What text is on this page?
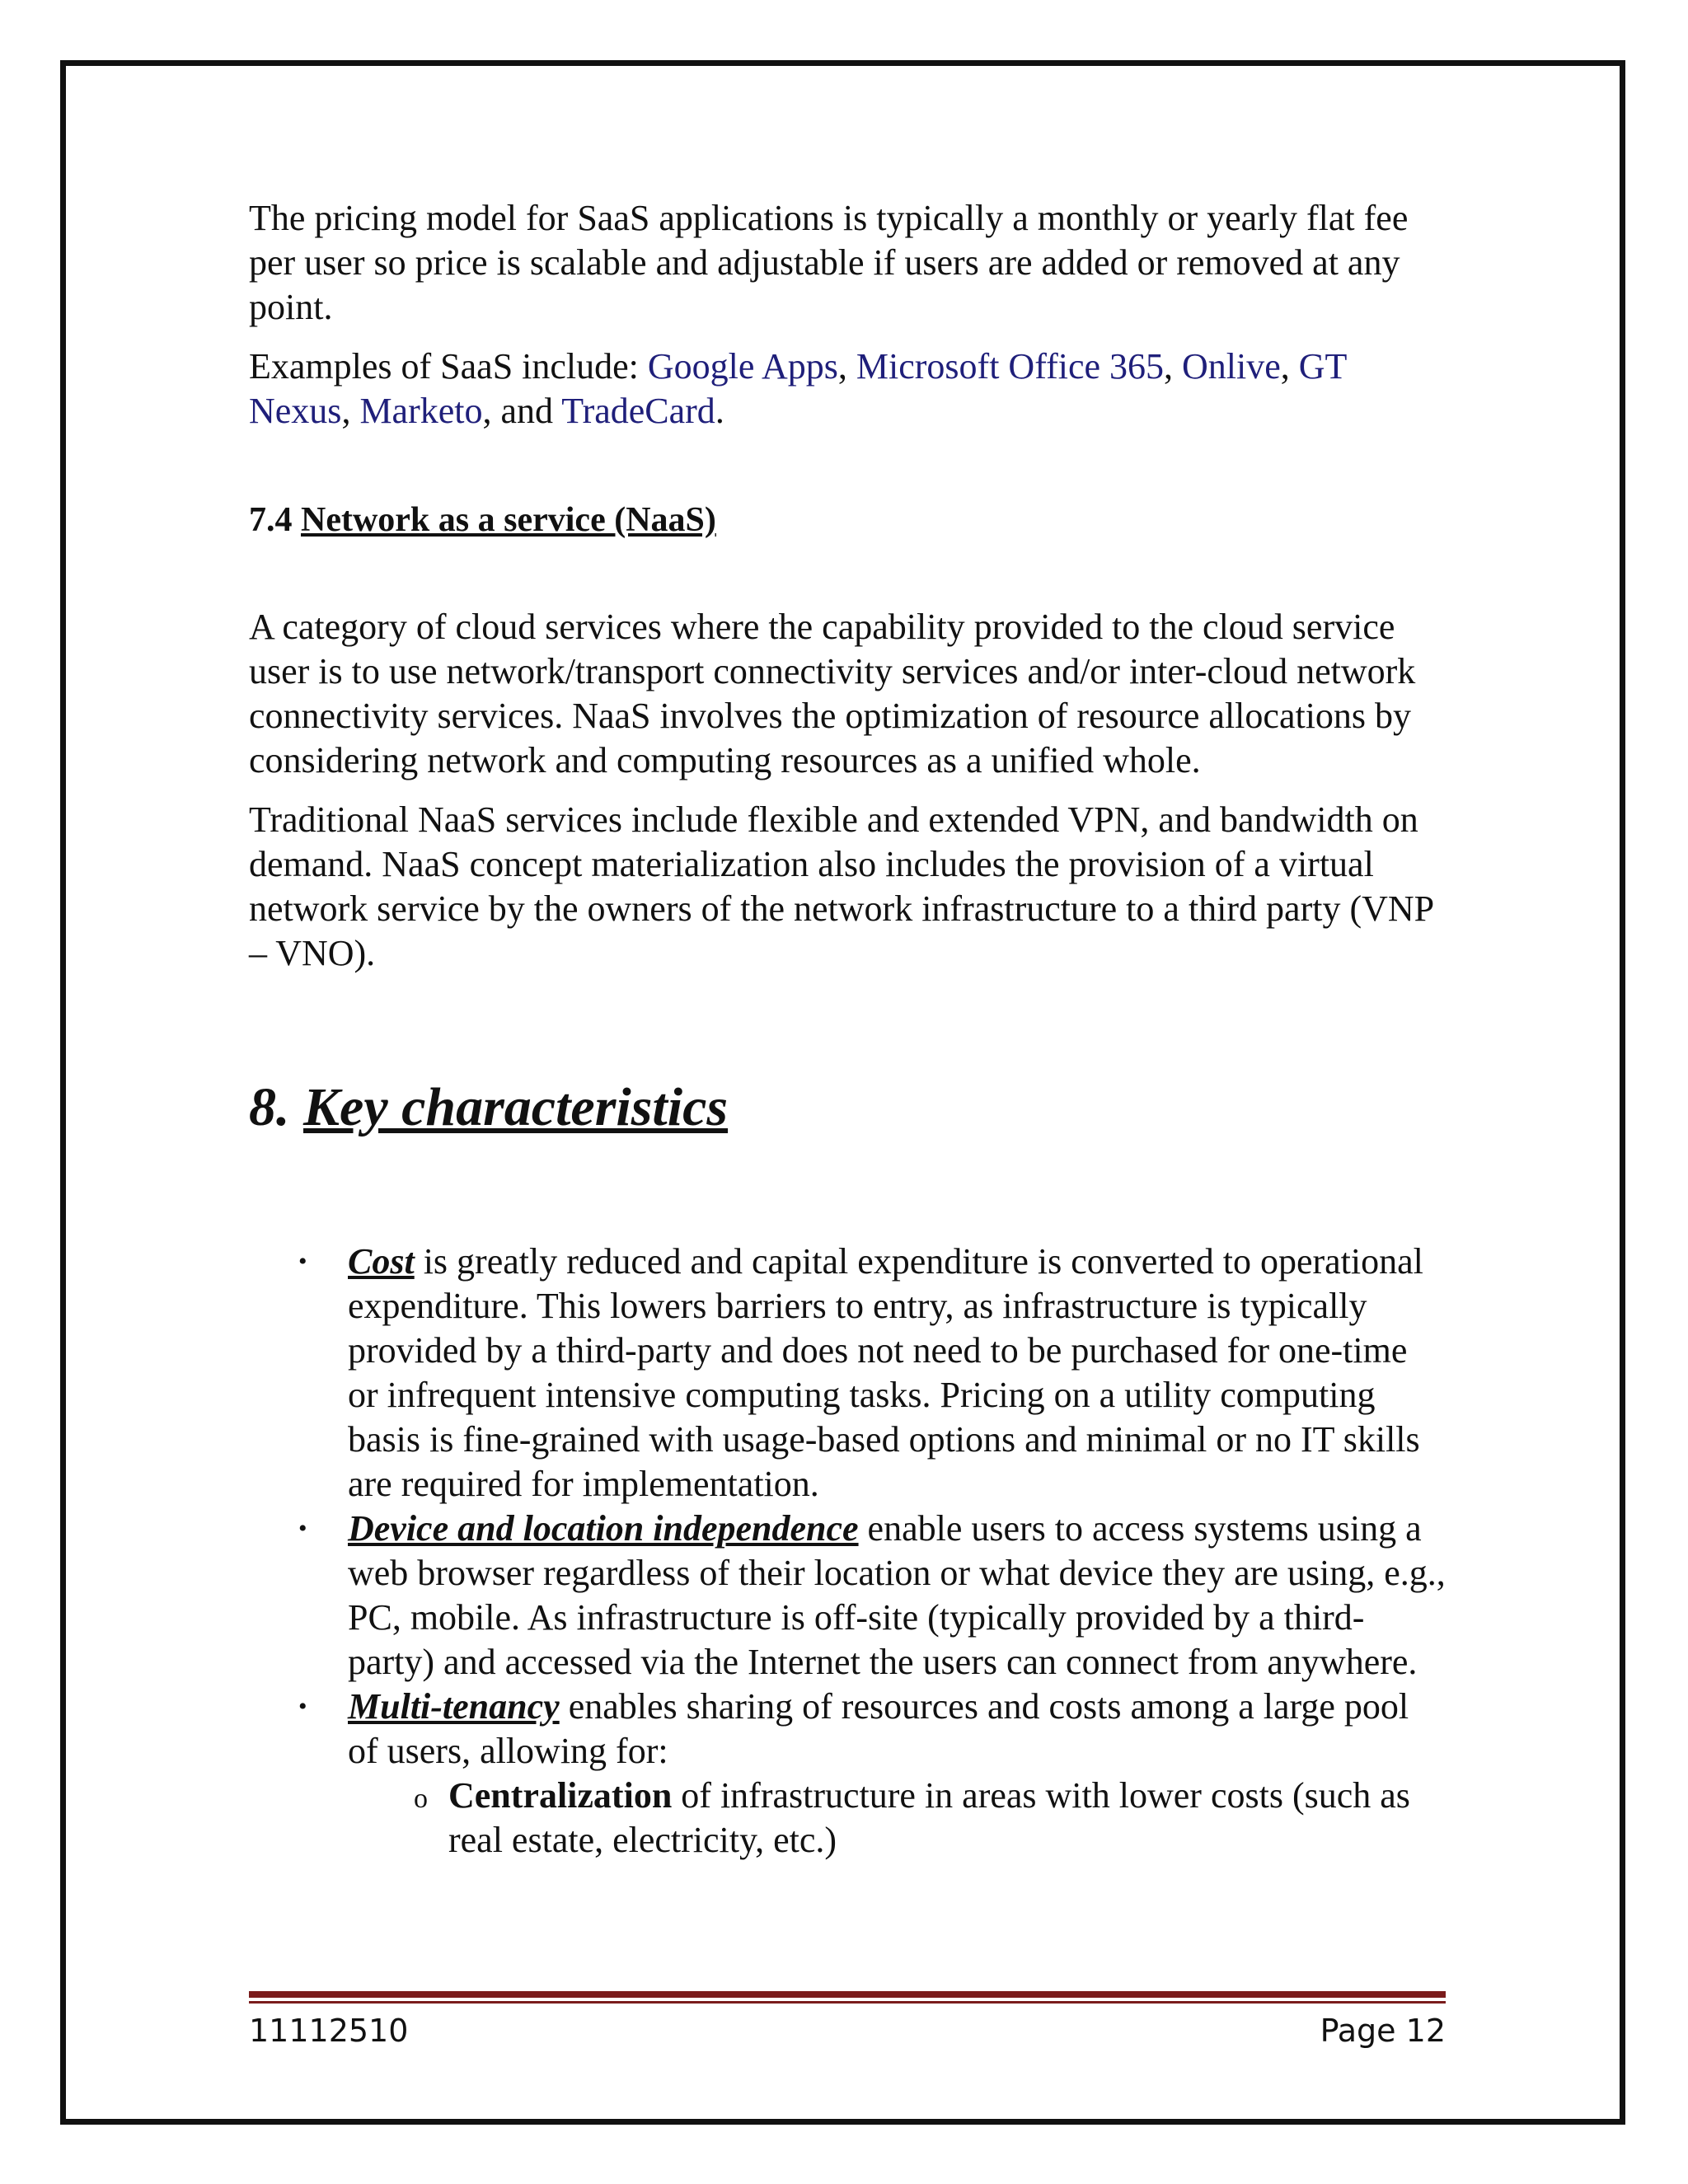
The pricing model for SaaS applications is typically a monthly or yearly flat fee per user so price is scalable and adjustable if users are added or removed at any point.

Examples of SaaS include: Google Apps, Microsoft Office 365, Onlive, GT Nexus, Marketo, and TradeCard.

7.4 Network as a service (NaaS)

A category of cloud services where the capability provided to the cloud service user is to use network/transport connectivity services and/or inter-cloud network connectivity services. NaaS involves the optimization of resource allocations by considering network and computing resources as a unified whole.

Traditional NaaS services include flexible and extended VPN, and bandwidth on demand. NaaS concept materialization also includes the provision of a virtual network service by the owners of the network infrastructure to a third party (VNP – VNO).

8. Key characteristics
• Cost is greatly reduced and capital expenditure is converted to operational expenditure. This lowers barriers to entry, as infrastructure is typically provided by a third-party and does not need to be purchased for one-time or infrequent intensive computing tasks. Pricing on a utility computing basis is fine-grained with usage-based options and minimal or no IT skills are required for implementation.
• Device and location independence enable users to access systems using a web browser regardless of their location or what device they are using, e.g., PC, mobile. As infrastructure is off-site (typically provided by a third-party) and accessed via the Internet the users can connect from anywhere.
• Multi-tenancy enables sharing of resources and costs among a large pool of users, allowing for:
o Centralization of infrastructure in areas with lower costs (such as real estate, electricity, etc.)
11112510	Page 12
